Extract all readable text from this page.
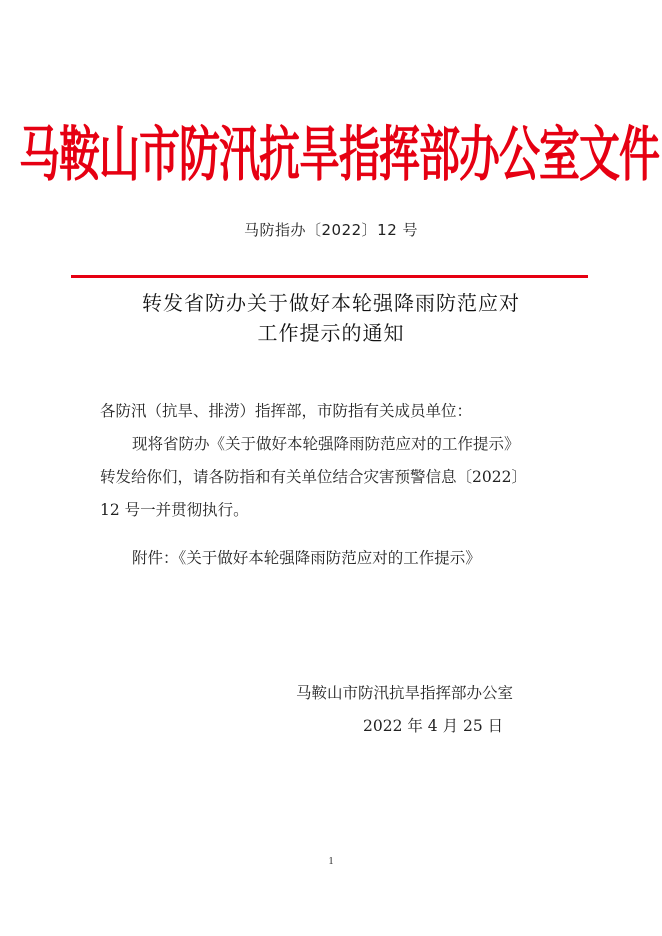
马鞍山市防汛抗旱指挥部办公室文件
马防指办〔2022〕12 号
转发省防办关于做好本轮强降雨防范应对
工作提示的通知
各防汛（抗旱、排涝）指挥部，市防指有关成员单位：
现将省防办《关于做好本轮强降雨防范应对的工作提示》
转发给你们，请各防指和有关单位结合灾害预警信息〔2022〕
12 号一并贯彻执行。
附件：《关于做好本轮强降雨防范应对的工作提示》
马鞍山市防汛抗旱指挥部办公室
2022 年 4 月 25 日
1
